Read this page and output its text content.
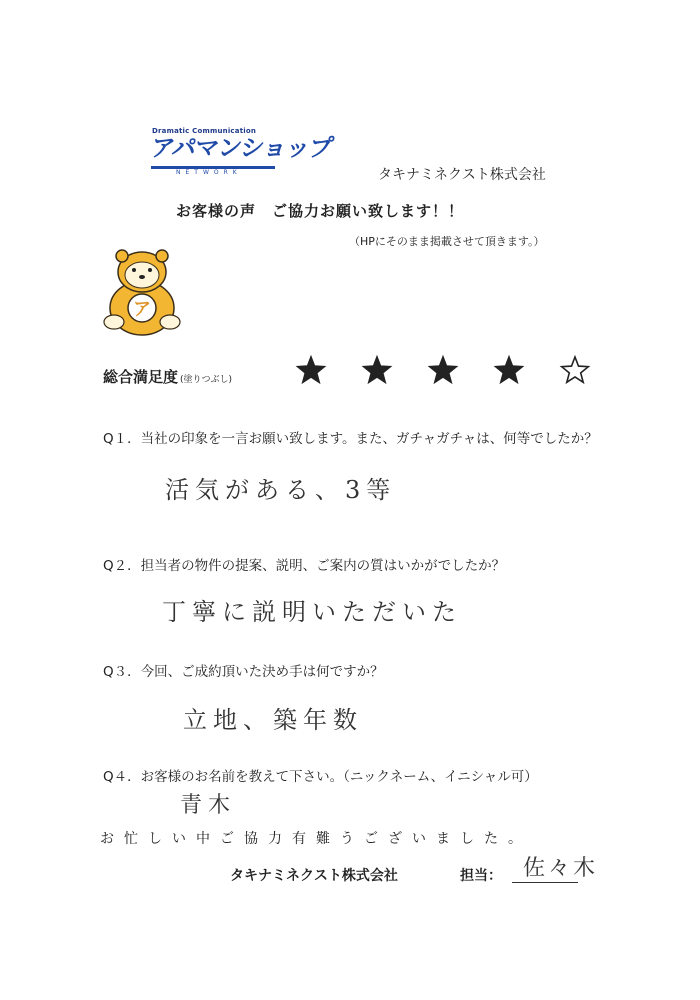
Dramatic Communication
アパマンショップ
NETWORK	タキナミネクスト株式会社
お客様の声　ご協力お願い致します！！
（HPにそのまま掲載させて頂きます。）
ア
総合満足度 (塗りつぶし)
Q１．当社の印象を一言お願い致します。また、ガチャガチャは、何等でしたか？
活気がある、3等
Q２．担当者の物件の提案、説明、ご案内の質はいかがでしたか？
丁寧に説明いただいた
Q３．今回、ご成約頂いた決め手は何ですか？
立地、築年数
Q４．お客様のお名前を教えて下さい。（ニックネーム、イニシャル可）
青木
お忙しい中ご協力有難うございました。
タキナミネクスト株式会社	担当： 佐々木
